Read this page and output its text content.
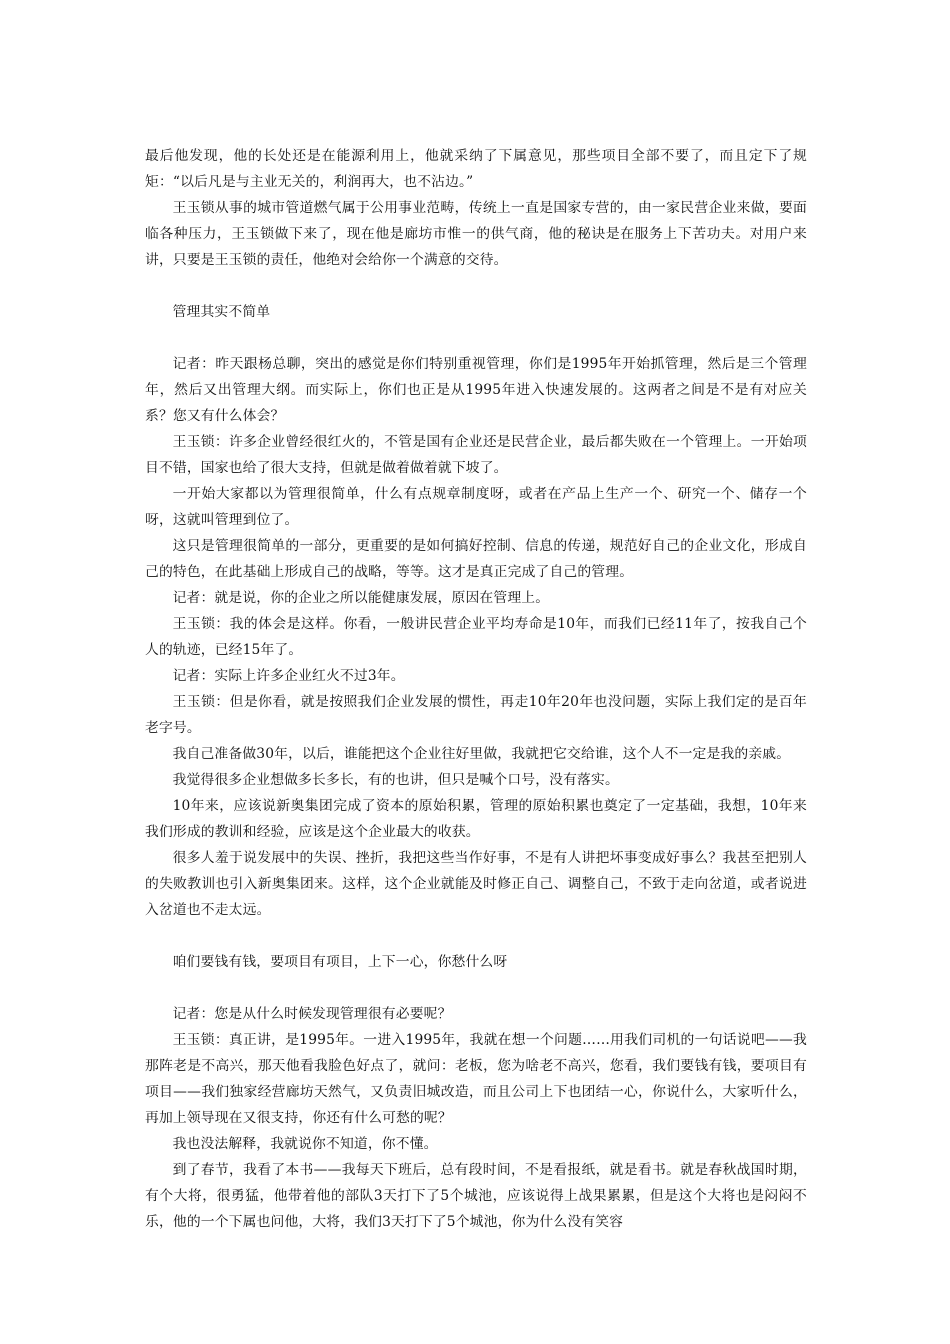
最后他发现，他的长处还是在能源利用上，他就采纳了下属意见，那些项目全部不要了，而且定下了规矩：“以后凡是与主业无关的，利润再大，也不沾边。”

王玉锁从事的城市管道燃气属于公用事业范畴，传统上一直是国家专营的，由一家民营企业来做，要面临各种压力，王玉锁做下来了，现在他是廊坊市惟一的供气商，他的秘诀是在服务上下苦功夫。对用户来讲，只要是王玉锁的责任，他绝对会给你一个满意的交待。

管理其实不简单

记者：昨天跟杨总聊，突出的感觉是你们特别重视管理，你们是1995年开始抓管理，然后是三个管理年，然后又出管理大纲。而实际上，你们也正是从1995年进入快速发展的。这两者之间是不是有对应关系？您又有什么体会？

王玉锁：许多企业曾经很红火的，不管是国有企业还是民营企业，最后都失败在一个管理上。一开始项目不错，国家也给了很大支持，但就是做着做着就下坡了。

一开始大家都以为管理很简单，什么有点规章制度呀，或者在产品上生产一个、研究一个、储存一个呀，这就叫管理到位了。

这只是管理很简单的一部分，更重要的是如何搞好控制、信息的传递，规范好自己的企业文化，形成自己的特色，在此基础上形成自己的战略，等等。这才是真正完成了自己的管理。

记者：就是说，你的企业之所以能健康发展，原因在管理上。

王玉锁：我的体会是这样。你看，一般讲民营企业平均寿命是10年，而我们已经11年了，按我自己个人的轨迹，已经15年了。

记者：实际上许多企业红火不过3年。

王玉锁：但是你看，就是按照我们企业发展的惯性，再走10年20年也没问题，实际上我们定的是百年老字号。

我自己准备做30年，以后，谁能把这个企业往好里做，我就把它交给谁，这个人不一定是我的亲戚。

我觉得很多企业想做多长多长，有的也讲，但只是喊个口号，没有落实。

10年来，应该说新奥集团完成了资本的原始积累，管理的原始积累也奠定了一定基础，我想，10年来我们形成的教训和经验，应该是这个企业最大的收获。

很多人羞于说发展中的失误、挫折，我把这些当作好事，不是有人讲把坏事变成好事么？我甚至把别人的失败教训也引入新奥集团来。这样，这个企业就能及时修正自己、调整自己，不致于走向岔道，或者说进入岔道也不走太远。

咱们要钱有钱，要项目有项目，上下一心，你愁什么呀

记者：您是从什么时候发现管理很有必要呢？

王玉锁：真正讲，是1995年。一进入1995年，我就在想一个问题……用我们司机的一句话说吧——我那阵老是不高兴，那天他看我脸色好点了，就问：老板，您为啥老不高兴，您看，我们要钱有钱，要项目有项目——我们独家经营廊坊天然气，又负责旧城改造，而且公司上下也团结一心，你说什么，大家听什么，再加上领导现在又很支持，你还有什么可愁的呢？

我也没法解释，我就说你不知道，你不懂。

到了春节，我看了本书——我每天下班后，总有段时间，不是看报纸，就是看书。就是春秋战国时期，有个大将，很勇猛，他带着他的部队3天打下了5个城池，应该说得上战果累累，但是这个大将也是闷闷不乐，他的一个下属也问他，大将，我们3天打下了5个城池，你为什么没有笑容
